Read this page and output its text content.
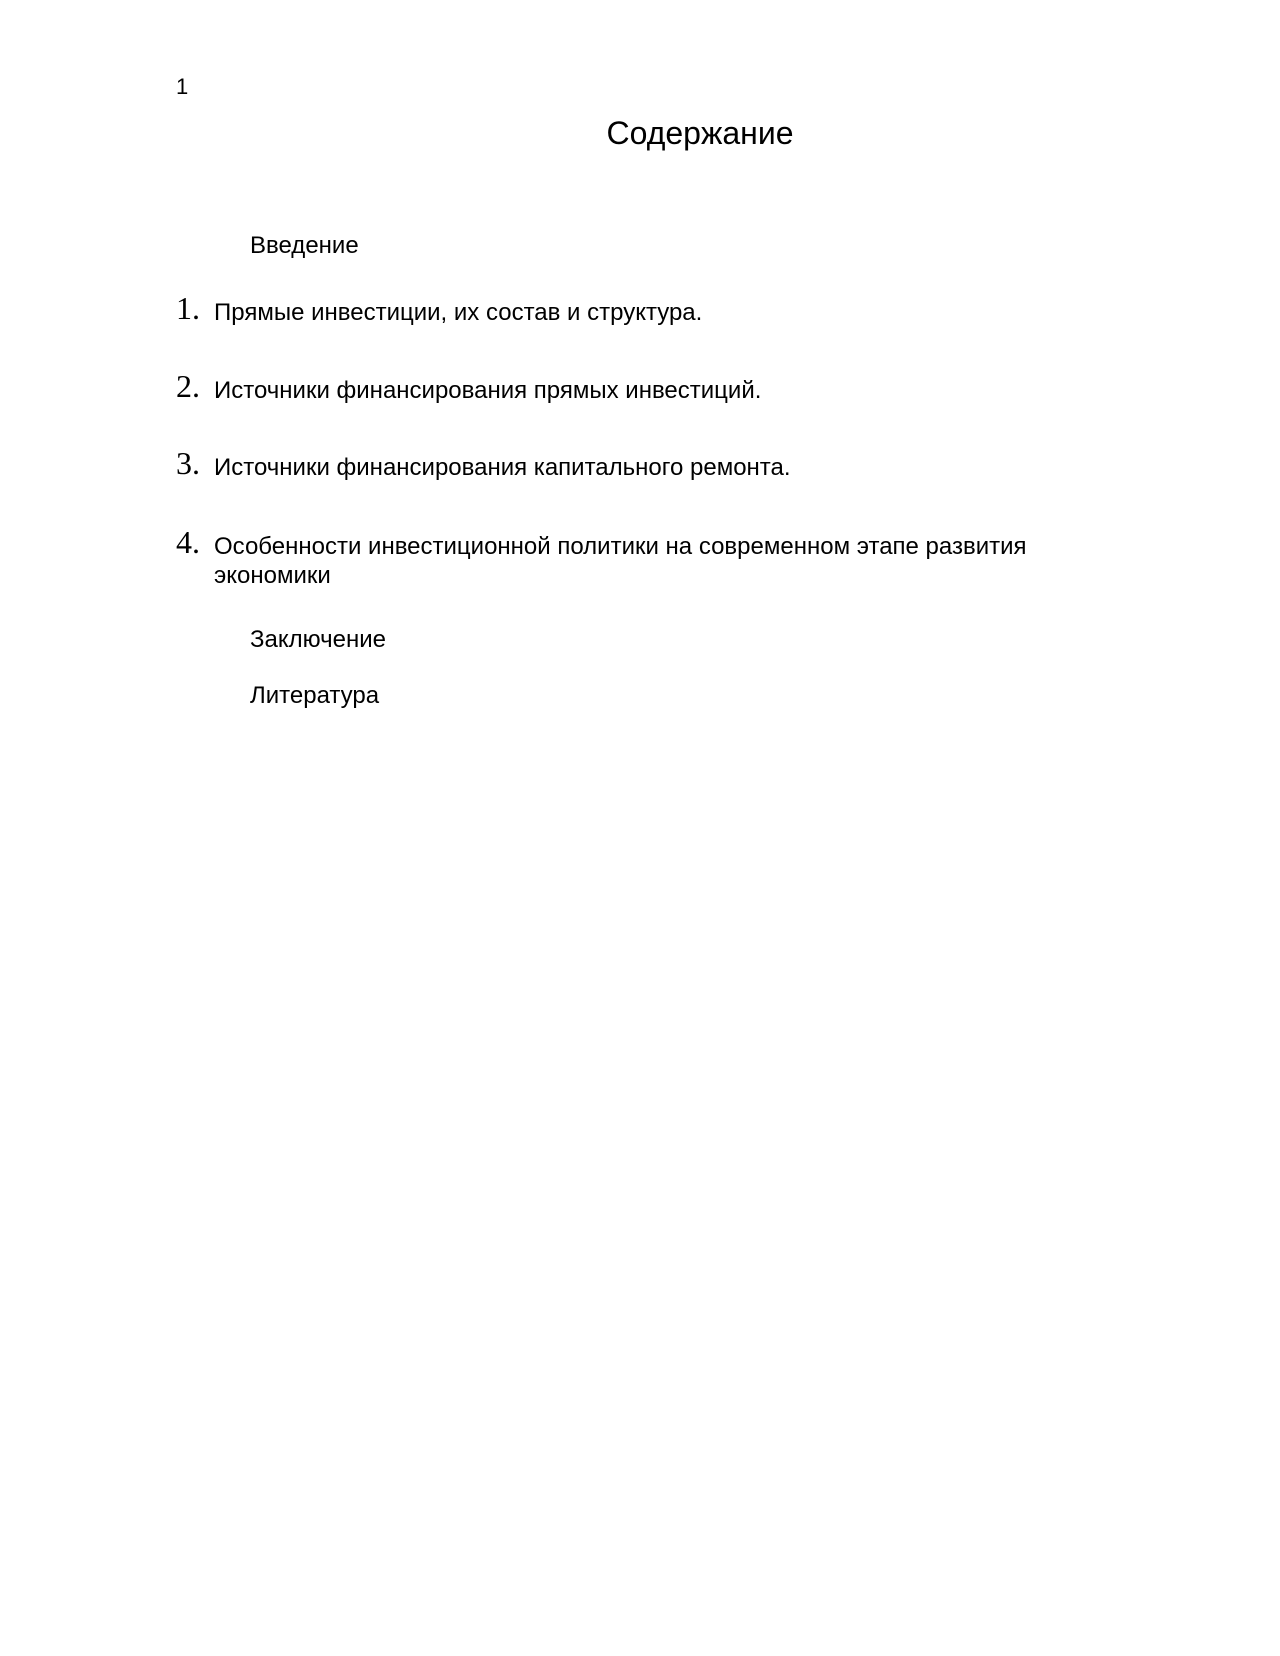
1
Содержание
Введение
1. Прямые инвестиции, их состав и структура.
2. Источники финансирования прямых инвестиций.
3. Источники финансирования капитального ремонта.
4. Особенности инвестиционной политики на современном этапе развития экономики
Заключение
Литература
